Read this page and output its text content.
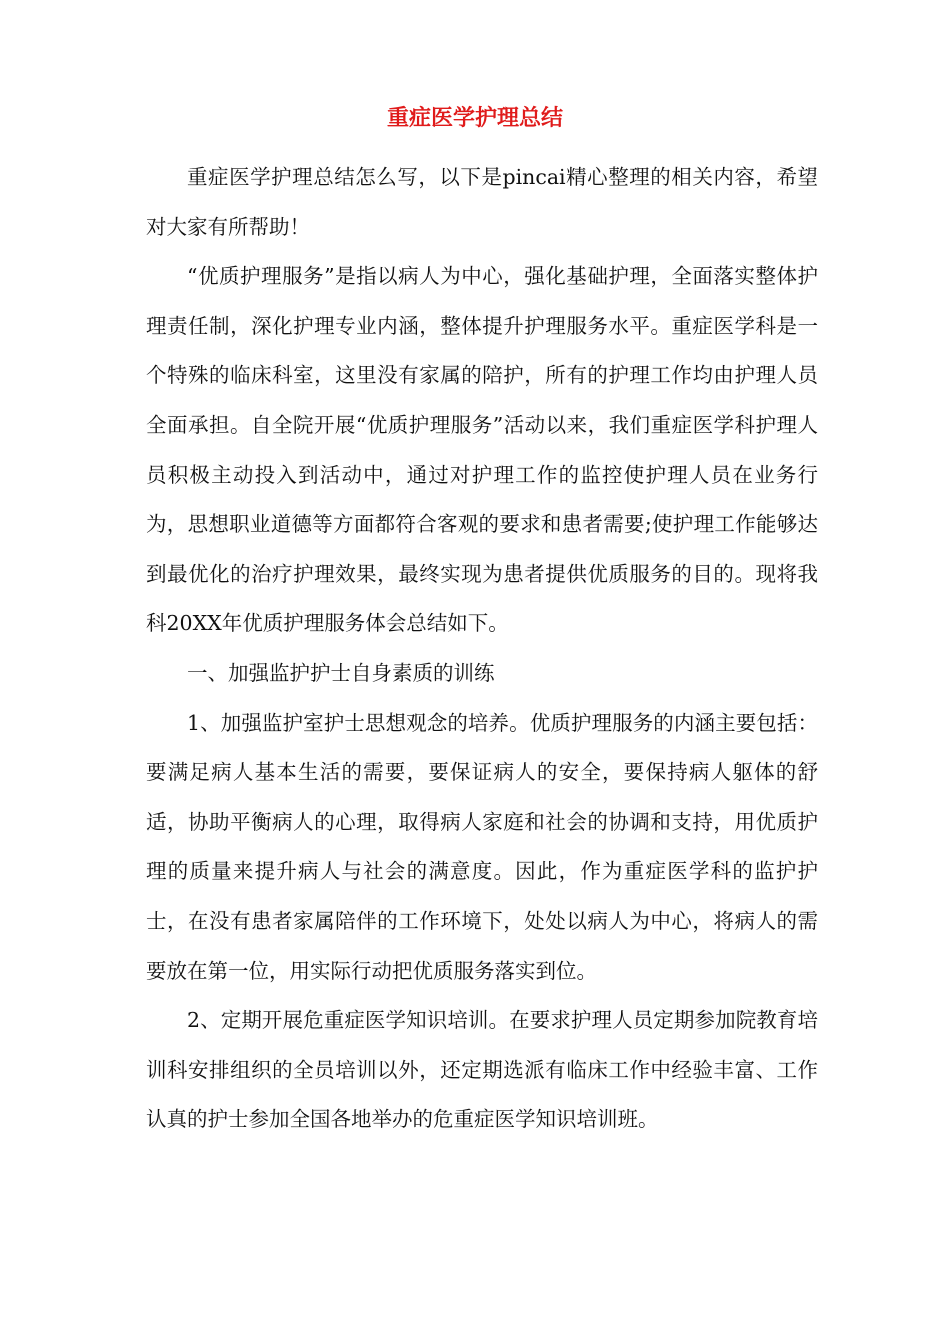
重症医学护理总结

重症医学护理总结怎么写，以下是pincai精心整理的相关内容，希望对大家有所帮助！

“优质护理服务”是指以病人为中心，强化基础护理，全面落实整体护理责任制，深化护理专业内涵，整体提升护理服务水平。重症医学科是一个特殊的临床科室，这里没有家属的陪护，所有的护理工作均由护理人员全面承担。自全院开展“优质护理服务”活动以来，我们重症医学科护理人员积极主动投入到活动中，通过对护理工作的监控使护理人员在业务行为，思想职业道德等方面都符合客观的要求和患者需要;使护理工作能够达到最优化的治疗护理效果，最终实现为患者提供优质服务的目的。现将我科20XX年优质护理服务体会总结如下。

一、加强监护护士自身素质的训练

1、加强监护室护士思想观念的培养。优质护理服务的内涵主要包括：要满足病人基本生活的需要，要保证病人的安全，要保持病人躯体的舒适，协助平衡病人的心理，取得病人家庭和社会的协调和支持，用优质护理的质量来提升病人与社会的满意度。因此，作为重症医学科的监护护士，在没有患者家属陪伴的工作环境下，处处以病人为中心，将病人的需要放在第一位，用实际行动把优质服务落实到位。

2、定期开展危重症医学知识培训。在要求护理人员定期参加院教育培训科安排组织的全员培训以外，还定期选派有临床工作中经验丰富、工作认真的护士参加全国各地举办的危重症医学知识培训班。
